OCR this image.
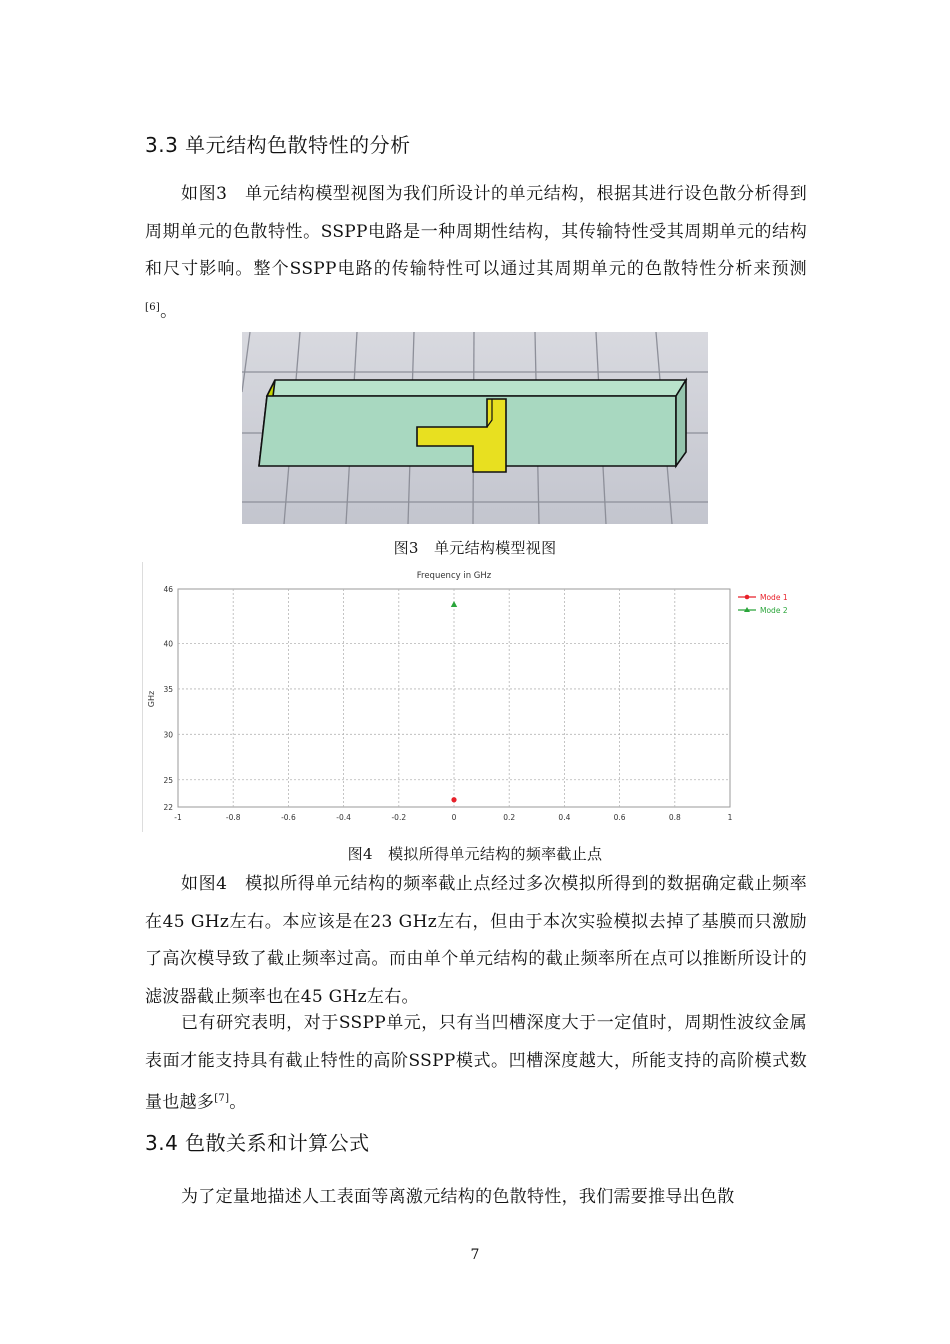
3.3 单元结构色散特性的分析

如图3　单元结构模型视图为我们所设计的单元结构，根据其进行设色散分析得到周期单元的色散特性。SSPP电路是一种周期性结构，其传输特性受其周期单元的结构和尺寸影响。整个SSPP电路的传输特性可以通过其周期单元的色散特性分析来预测[6]。

图3　单元结构模型视图

Frequency in GHz
GHz
-1	-0.8	-0.6	-0.4	-0.2	0	0.2	0.4	0.6	0.8	1
22
25
30
35
40
46
Mode 1
Mode 2

图4　模拟所得单元结构的频率截止点

如图4　模拟所得单元结构的频率截止点经过多次模拟所得到的数据确定截止频率在45 GHz左右。本应该是在23 GHz左右，但由于本次实验模拟去掉了基膜而只激励了高次模导致了截止频率过高。而由单个单元结构的截止频率所在点可以推断所设计的滤波器截止频率也在45 GHz左右。

已有研究表明，对于SSPP单元，只有当凹槽深度大于一定值时，周期性波纹金属表面才能支持具有截止特性的高阶SSPP模式。凹槽深度越大，所能支持的高阶模式数量也越多[7]。

3.4 色散关系和计算公式

为了定量地描述人工表面等离激元结构的色散特性，我们需要推导出色散

7
